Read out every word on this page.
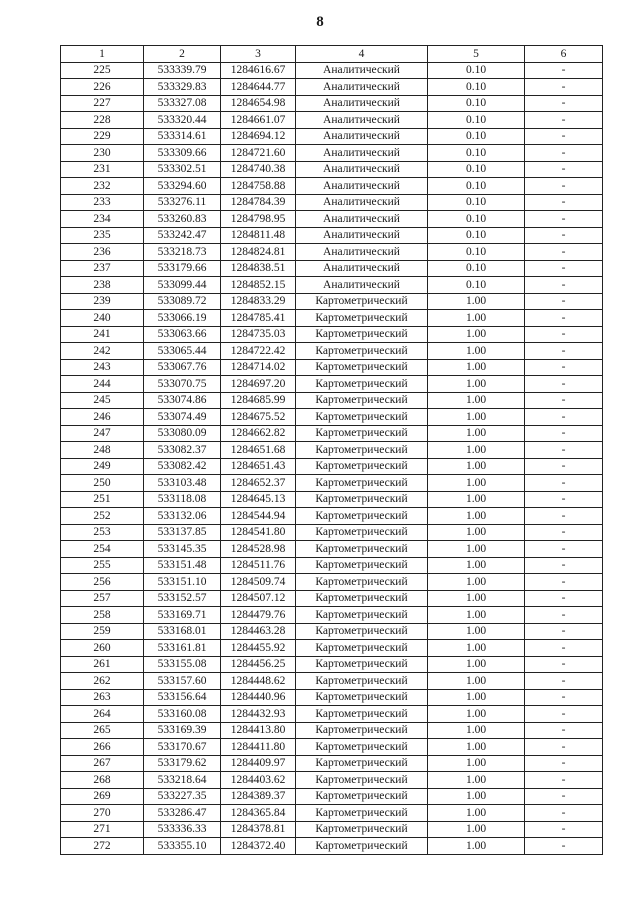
8
1	2	3	4	5	6
225	533339.79	1284616.67	Аналитический	0.10	-
226	533329.83	1284644.77	Аналитический	0.10	-
227	533327.08	1284654.98	Аналитический	0.10	-
228	533320.44	1284661.07	Аналитический	0.10	-
229	533314.61	1284694.12	Аналитический	0.10	-
230	533309.66	1284721.60	Аналитический	0.10	-
231	533302.51	1284740.38	Аналитический	0.10	-
232	533294.60	1284758.88	Аналитический	0.10	-
233	533276.11	1284784.39	Аналитический	0.10	-
234	533260.83	1284798.95	Аналитический	0.10	-
235	533242.47	1284811.48	Аналитический	0.10	-
236	533218.73	1284824.81	Аналитический	0.10	-
237	533179.66	1284838.51	Аналитический	0.10	-
238	533099.44	1284852.15	Аналитический	0.10	-
239	533089.72	1284833.29	Картометрический	1.00	-
240	533066.19	1284785.41	Картометрический	1.00	-
241	533063.66	1284735.03	Картометрический	1.00	-
242	533065.44	1284722.42	Картометрический	1.00	-
243	533067.76	1284714.02	Картометрический	1.00	-
244	533070.75	1284697.20	Картометрический	1.00	-
245	533074.86	1284685.99	Картометрический	1.00	-
246	533074.49	1284675.52	Картометрический	1.00	-
247	533080.09	1284662.82	Картометрический	1.00	-
248	533082.37	1284651.68	Картометрический	1.00	-
249	533082.42	1284651.43	Картометрический	1.00	-
250	533103.48	1284652.37	Картометрический	1.00	-
251	533118.08	1284645.13	Картометрический	1.00	-
252	533132.06	1284544.94	Картометрический	1.00	-
253	533137.85	1284541.80	Картометрический	1.00	-
254	533145.35	1284528.98	Картометрический	1.00	-
255	533151.48	1284511.76	Картометрический	1.00	-
256	533151.10	1284509.74	Картометрический	1.00	-
257	533152.57	1284507.12	Картометрический	1.00	-
258	533169.71	1284479.76	Картометрический	1.00	-
259	533168.01	1284463.28	Картометрический	1.00	-
260	533161.81	1284455.92	Картометрический	1.00	-
261	533155.08	1284456.25	Картометрический	1.00	-
262	533157.60	1284448.62	Картометрический	1.00	-
263	533156.64	1284440.96	Картометрический	1.00	-
264	533160.08	1284432.93	Картометрический	1.00	-
265	533169.39	1284413.80	Картометрический	1.00	-
266	533170.67	1284411.80	Картометрический	1.00	-
267	533179.62	1284409.97	Картометрический	1.00	-
268	533218.64	1284403.62	Картометрический	1.00	-
269	533227.35	1284389.37	Картометрический	1.00	-
270	533286.47	1284365.84	Картометрический	1.00	-
271	533336.33	1284378.81	Картометрический	1.00	-
272	533355.10	1284372.40	Картометрический	1.00	-
